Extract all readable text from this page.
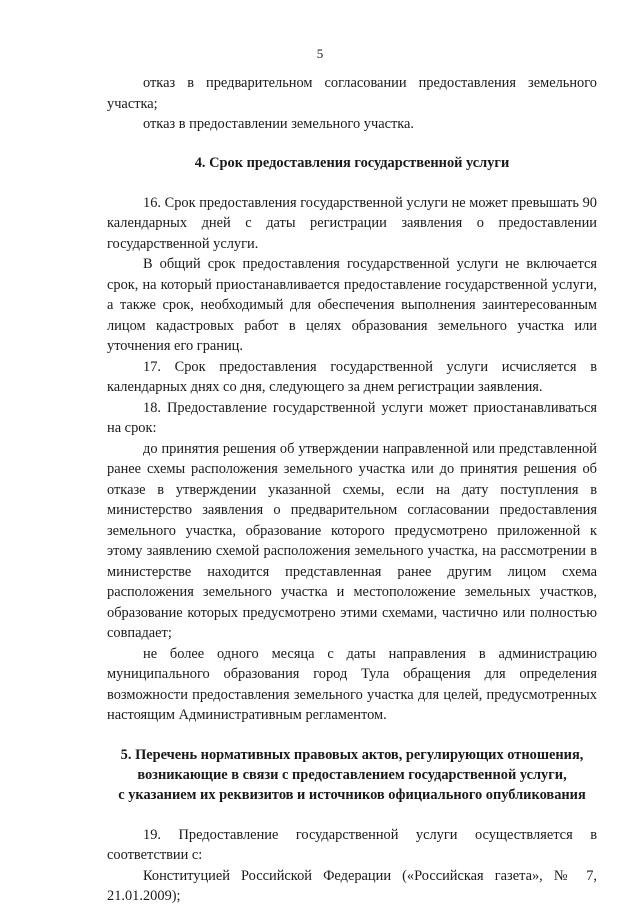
5

отказ в предварительном согласовании предоставления земельного участка;

отказ в предоставлении земельного участка.

4. Срок предоставления государственной услуги

16. Срок предоставления государственной услуги не может превышать 90 календарных дней с даты регистрации заявления о предоставлении государственной услуги.

В общий срок предоставления государственной услуги не включается срок, на который приостанавливается предоставление государственной услуги, а также срок, необходимый для обеспечения выполнения заинтересованным лицом кадастровых работ в целях образования земельного участка или уточнения его границ.

17. Срок предоставления государственной услуги исчисляется в календарных днях со дня, следующего за днем регистрации заявления.

18. Предоставление государственной услуги может приостанавливаться на срок:

до принятия решения об утверждении направленной или представленной ранее схемы расположения земельного участка или до принятия решения об отказе в утверждении указанной схемы, если на дату поступления в министерство заявления о предварительном согласовании предоставления земельного участка, образование которого предусмотрено приложенной к этому заявлению схемой расположения земельного участка, на рассмотрении в министерстве находится представленная ранее другим лицом схема расположения земельного участка и местоположение земельных участков, образование которых предусмотрено этими схемами, частично или полностью совпадает;

не более одного месяца с даты направления в администрацию муниципального образования город Тула обращения для определения возможности предоставления земельного участка для целей, предусмотренных настоящим Административным регламентом.

5. Перечень нормативных правовых актов, регулирующих отношения,
возникающие в связи с предоставлением государственной услуги,
с указанием их реквизитов и источников официального опубликования

19. Предоставление государственной услуги осуществляется в соответствии с:

Конституцией Российской Федерации («Российская газета», № 7, 21.01.2009);
